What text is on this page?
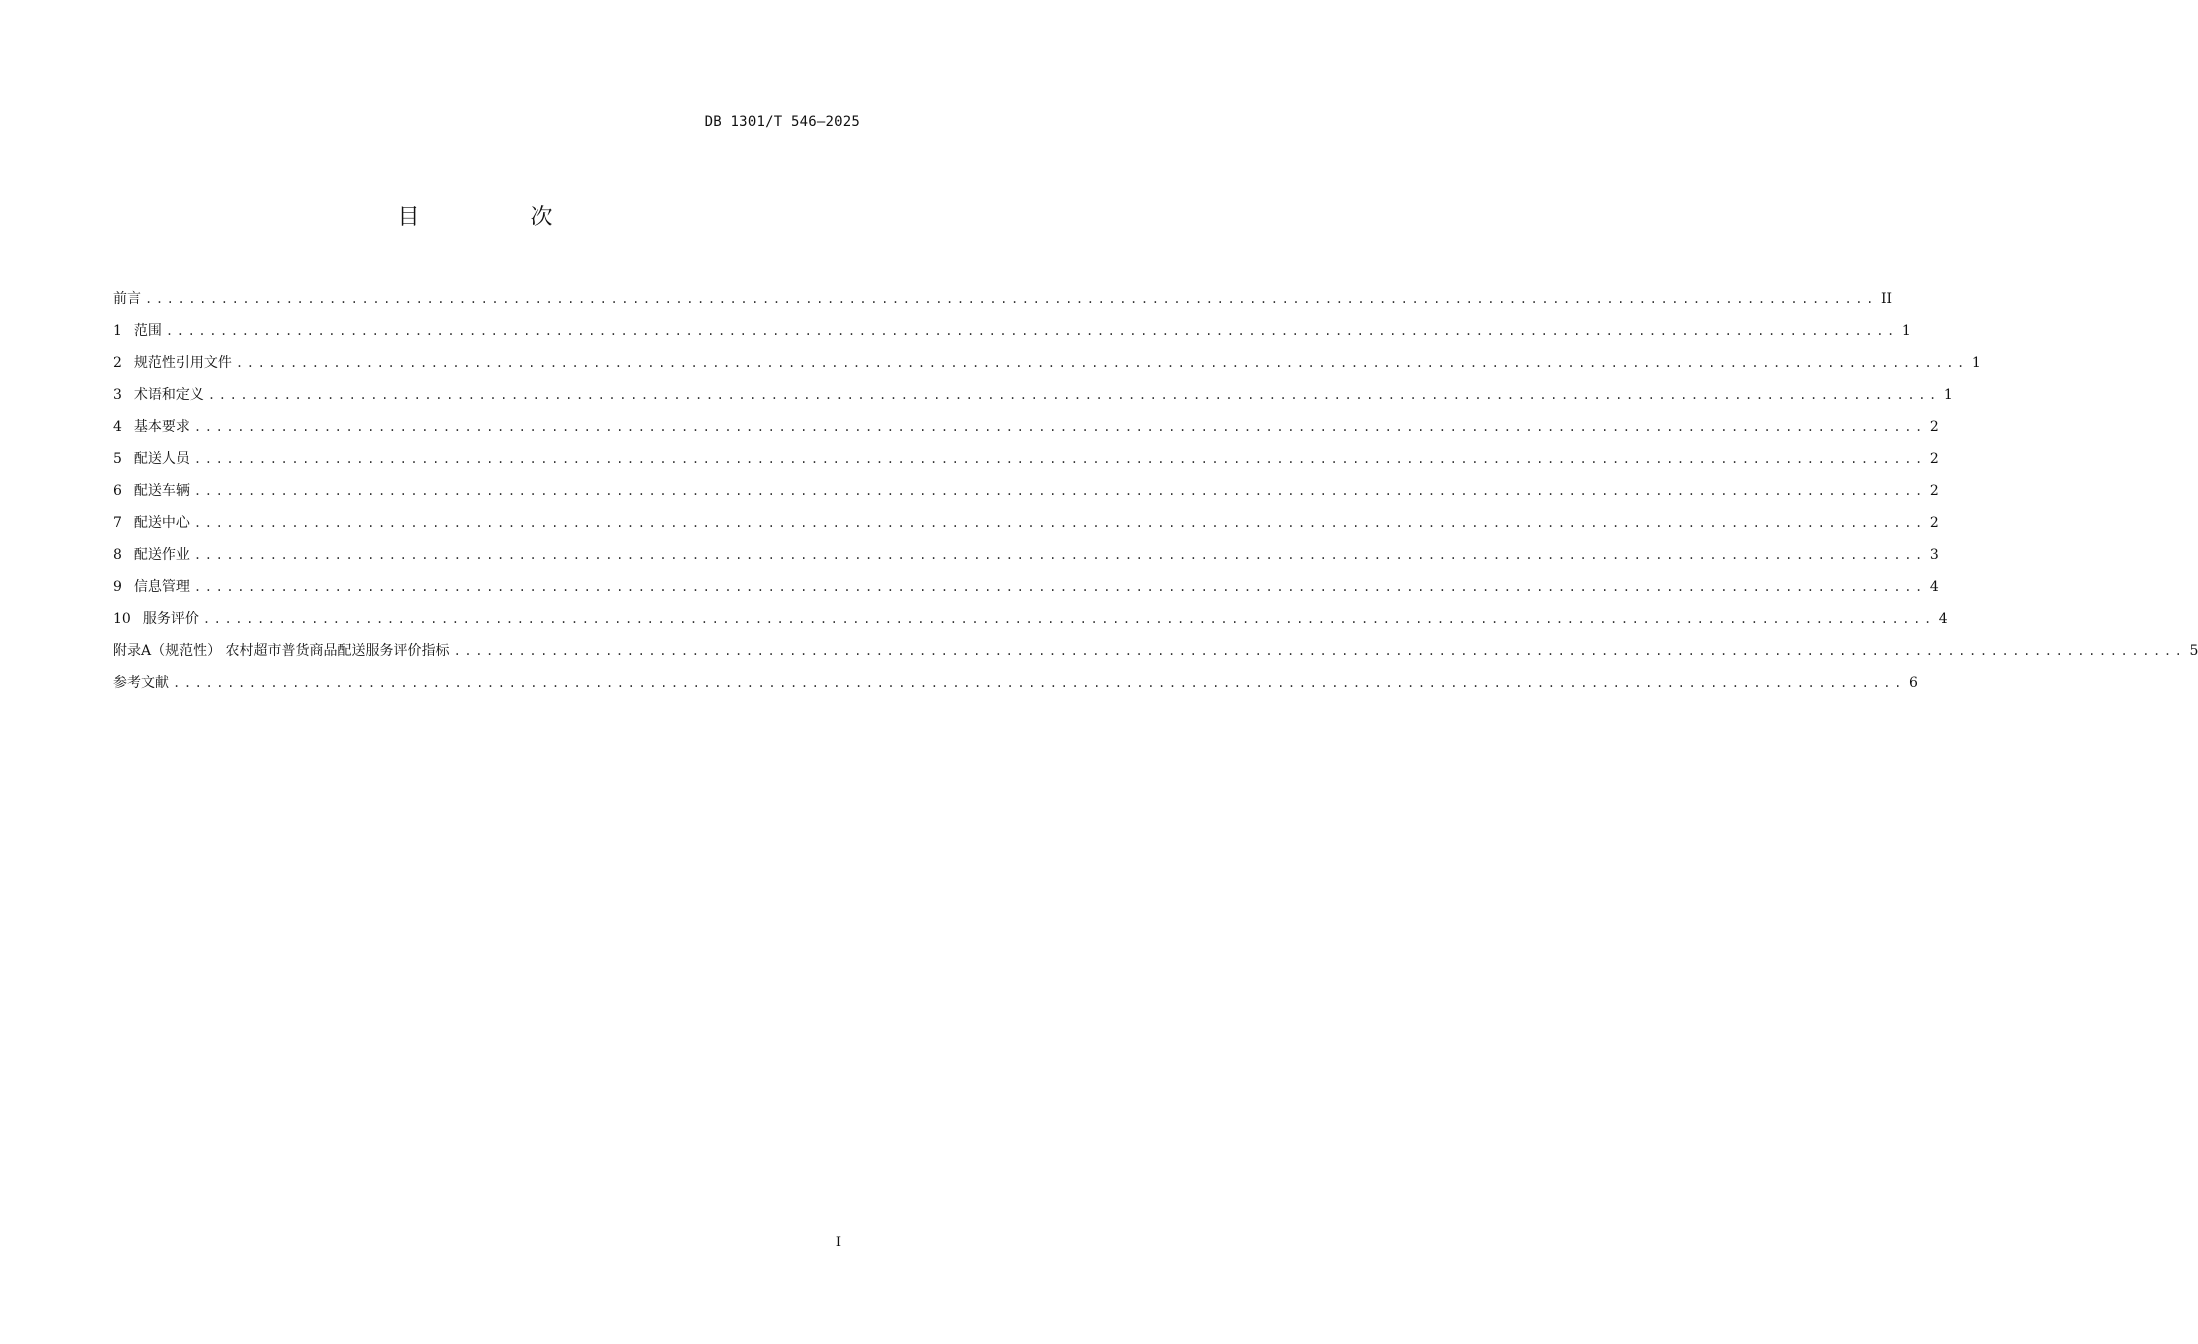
DB 1301/T 546—2025
目 次
前言 ................................................................................................................................................................ II
1 范围 ................................................................................................................................................................ 1
2 规范性引用文件 ................................................................................................................................................................ 1
3 术语和定义 ................................................................................................................................................................ 1
4 基本要求 ................................................................................................................................................................ 2
5 配送人员 ................................................................................................................................................................ 2
6 配送车辆 ................................................................................................................................................................ 2
7 配送中心 ................................................................................................................................................................ 2
8 配送作业 ................................................................................................................................................................ 3
9 信息管理 ................................................................................................................................................................ 4
10 服务评价 ................................................................................................................................................................ 4
附录A（规范性） 农村超市普货商品配送服务评价指标 ................................................................................................................................................................ 5
参考文献 ................................................................................................................................................................ 6
I
